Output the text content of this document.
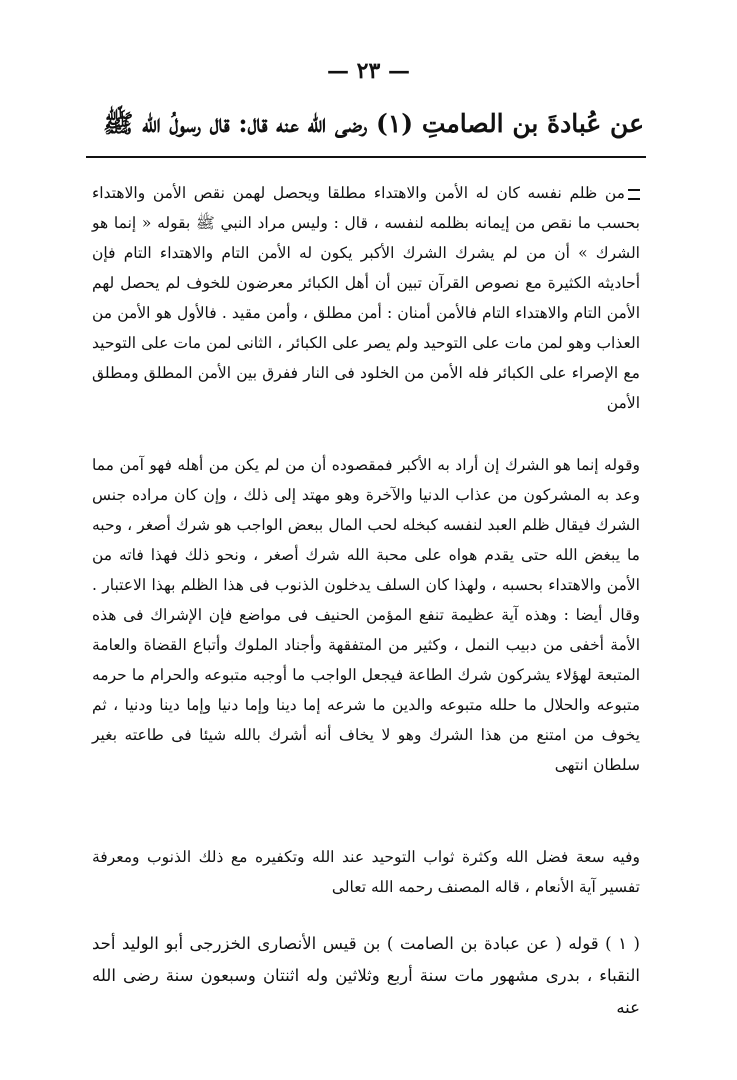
— ٢٣ —
عن عُبادةَ بن الصامتِ (١) رضى الله عنه قال: قال رسولُ الله ﷺ

من ظلم نفسه كان له الأمن والاهتداء مطلقا ويحصل لهمن نقص الأمن والاهتداء بحسب ما نقص من إيمانه بظلمه لنفسه ، قال : وليس مراد النبي ﷺ بقوله « إنما هو الشرك » أن من لم يشرك الشرك الأكبر يكون له الأمن التام والاهتداء التام فإن أحاديثه الكثيرة مع نصوص القرآن تبين أن أهل الكبائر معرضون للخوف لم يحصل لهم الأمن التام والاهتداء التام فالأمن أمنان : أمن مطلق ، وأمن مقيد . فالأول هو الأمن من العذاب وهو لمن مات على التوحيد ولم يصر على الكبائر ، الثانى لمن مات على التوحيد مع الإصراء على الكبائر فله الأمن من الخلود فى النار ففرق بين الأمن المطلق ومطلق الأمن

وقوله إنما هو الشرك إن أراد به الأكبر فمقصوده أن من لم يكن من أهله فهو آمن مما وعد به المشركون من عذاب الدنيا والآخرة وهو مهتد إلى ذلك ، وإن كان مراده جنس الشرك فيقال ظلم العبد لنفسه كبخله لحب المال ببعض الواجب هو شرك أصغر ، وحبه ما يبغض الله حتى يقدم هواه على محبة الله شرك أصغر ، ونحو ذلك فهذا فاته من الأمن والاهتداء بحسبه ، ولهذا كان السلف يدخلون الذنوب فى هذا الظلم بهذا الاعتبار . وقال أيضا : وهذه آية عظيمة تنفع المؤمن الحنيف فى مواضع فإن الإشراك فى هذه الأمة أخفى من دبيب النمل ، وكثير من المتفقهة وأجناد الملوك وأتباع القضاة والعامة المتبعة لهؤلاء يشركون شرك الطاعة فيجعل الواجب ما أوجبه متبوعه والحرام ما حرمه متبوعه والحلال ما حلله متبوعه والدين ما شرعه إما دينا وإما دنيا وإما دينا ودنيا ، ثم يخوف من امتنع من هذا الشرك وهو لا يخاف أنه أشرك بالله شيئا فى طاعته بغير سلطان انتهى

وفيه سعة فضل الله وكثرة ثواب التوحيد عند الله وتكفيره مع ذلك الذنوب ومعرفة تفسير آية الأنعام ، قاله المصنف رحمه الله تعالى

( ١ ) قوله ( عن عبادة بن الصامت ) بن قيس الأنصارى الخزرجى أبو الوليد أحد النقباء ، بدرى مشهور مات سنة أربع وثلاثين وله اثنتان وسبعون سنة رضى الله عنه
